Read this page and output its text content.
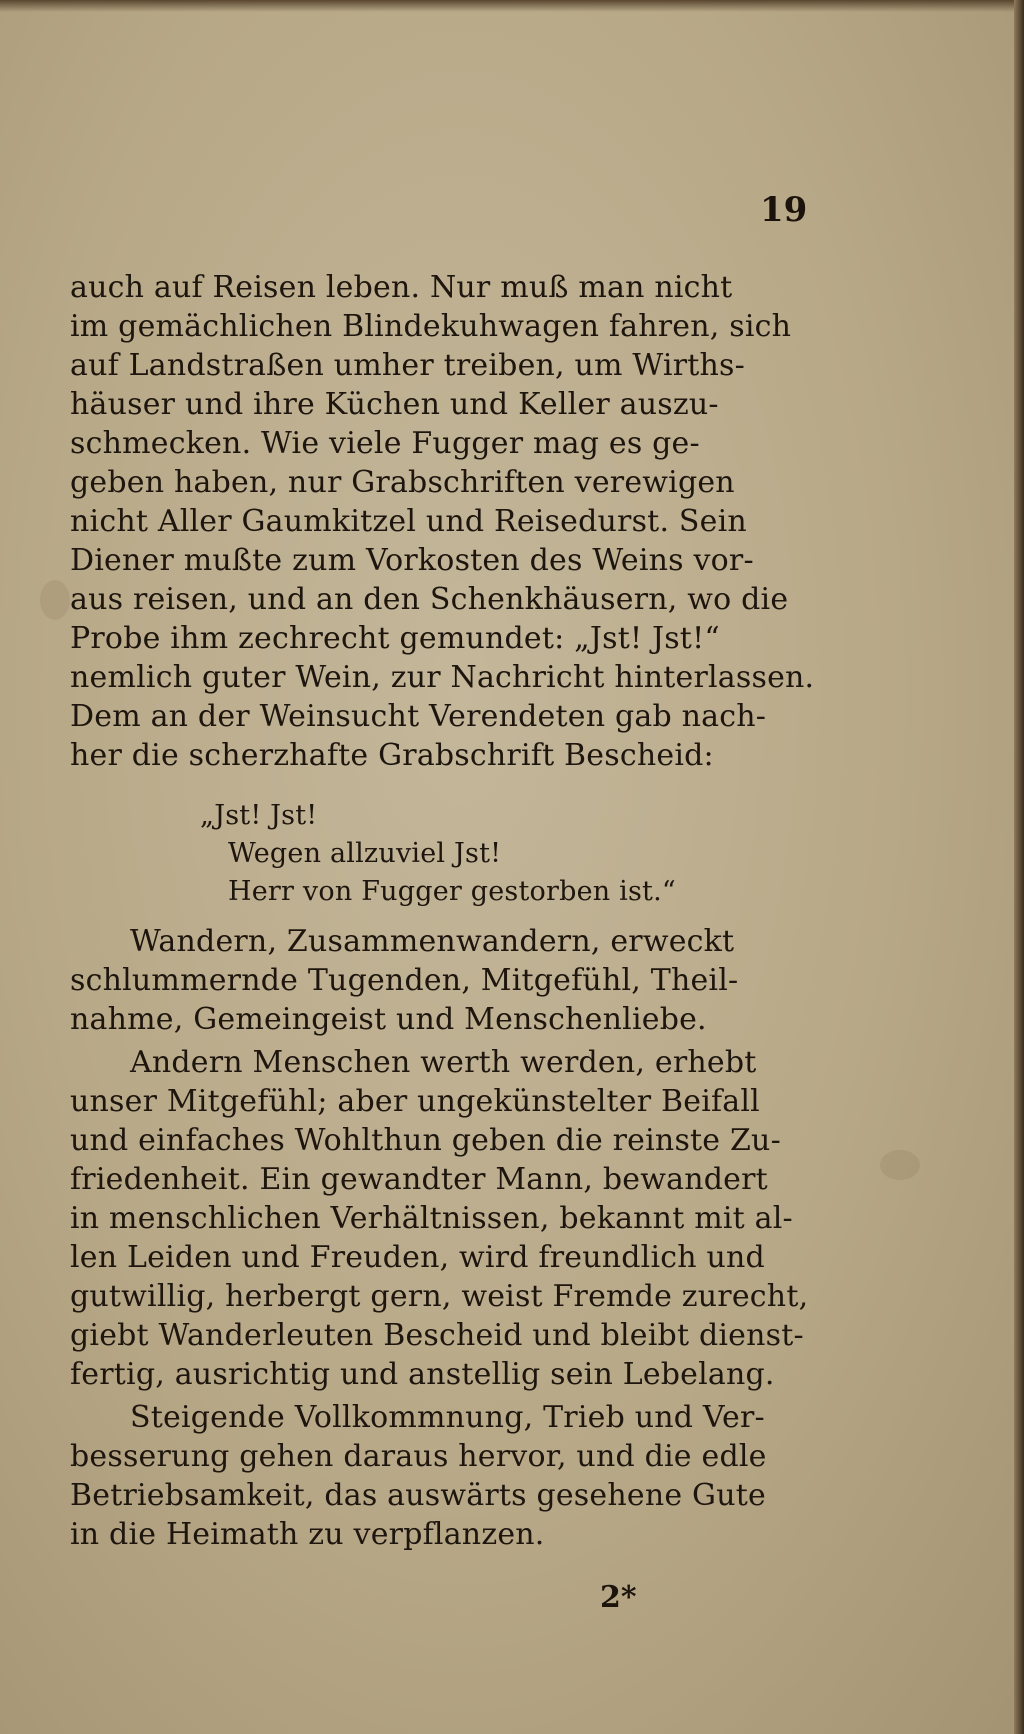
19
auch auf Reisen leben. Nur muß man nicht
im gemächlichen Blindekuhwagen fahren, sich
auf Landstraßen umher treiben, um Wirths-
häuser und ihre Küchen und Keller auszu-
schmecken. Wie viele Fugger mag es ge-
geben haben, nur Grabschriften verewigen
nicht Aller Gaumkitzel und Reisedurst. Sein
Diener mußte zum Vorkosten des Weins vor-
aus reisen, und an den Schenkhäusern, wo die
Probe ihm zechrecht gemundet: „Jst! Jst!“
nemlich guter Wein, zur Nachricht hinterlassen.
Dem an der Weinsucht Verendeten gab nach-
her die scherzhafte Grabschrift Bescheid:
„Jst! Jst!
Wegen allzuviel Jst!
Herr von Fugger gestorben ist.“
Wandern, Zusammenwandern, erweckt
schlummernde Tugenden, Mitgefühl, Theil-
nahme, Gemeingeist und Menschenliebe.
Andern Menschen werth werden, erhebt
unser Mitgefühl; aber ungekünstelter Beifall
und einfaches Wohlthun geben die reinste Zu-
friedenheit. Ein gewandter Mann, bewandert
in menschlichen Verhältnissen, bekannt mit al-
len Leiden und Freuden, wird freundlich und
gutwillig, herbergt gern, weist Fremde zurecht,
giebt Wanderleuten Bescheid und bleibt dienst-
fertig, ausrichtig und anstellig sein Lebelang.
Steigende Vollkommnung, Trieb und Ver-
besserung gehen daraus hervor, und die edle
Betriebsamkeit, das auswärts gesehene Gute
in die Heimath zu verpflanzen.
2*
